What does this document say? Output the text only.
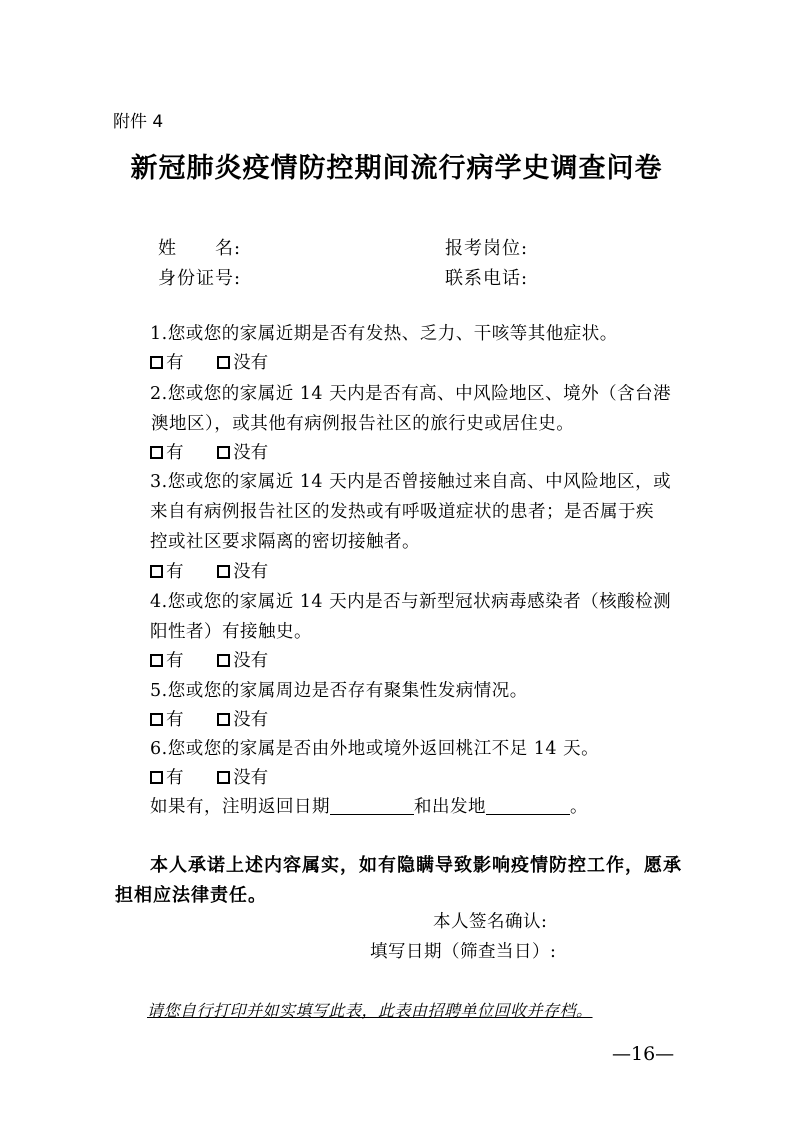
附件 4
新冠肺炎疫情防控期间流行病学史调查问卷
姓　　名:	报考岗位:
身份证号:	联系电话:
1.您或您的家属近期是否有发热、乏力、干咳等其他症状。
有	没有
2.您或您的家属近 14 天内是否有高、中风险地区、境外（含台港
澳地区），或其他有病例报告社区的旅行史或居住史。
有	没有
3.您或您的家属近 14 天内是否曾接触过来自高、中风险地区，或
来自有病例报告社区的发热或有呼吸道症状的患者；是否属于疾
控或社区要求隔离的密切接触者。
有	没有
4.您或您的家属近 14 天内是否与新型冠状病毒感染者（核酸检测
阳性者）有接触史。
有	没有
5.您或您的家属周边是否存有聚集性发病情况。
有	没有
6.您或您的家属是否由外地或境外返回桃江不足 14 天。
有	没有
如果有，注明返回日期	和出发地	。
本人承诺上述内容属实，如有隐瞒导致影响疫情防控工作，愿承
担相应法律责任。
本人签名确认:
填写日期（筛查当日）:
请您自行打印并如实填写此表，此表由招聘单位回收并存档。
—16—
